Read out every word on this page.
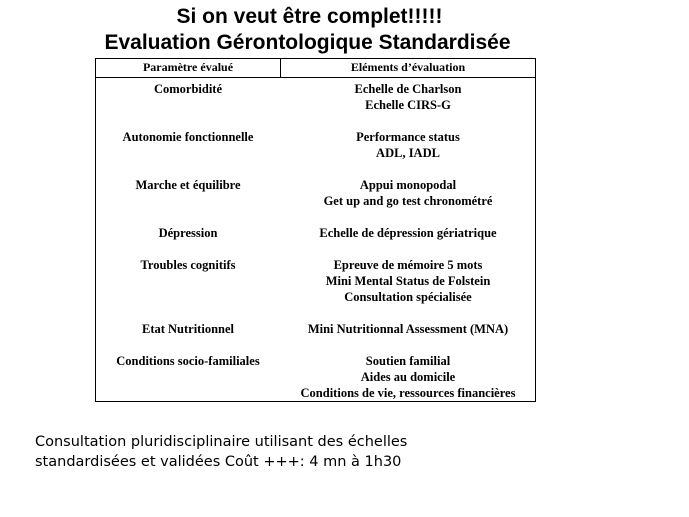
Si on veut être complet!!!!!
Evaluation Gérontologique Standardisée
Paramètre évalué	Eléments d’évaluation
Comorbidité	Echelle de Charlson
Echelle CIRS-G
Autonomie fonctionnelle	Performance status
ADL, IADL
Marche et équilibre	Appui monopodal
Get up and go test chronométré
Dépression	Echelle de dépression gériatrique
Troubles cognitifs	Epreuve de mémoire 5 mots
Mini Mental Status de Folstein
Consultation spécialisée
Etat Nutritionnel	Mini Nutritionnal Assessment (MNA)
Conditions socio-familiales	Soutien familial
Aides au domicile
Conditions de vie, ressources financières
Consultation pluridisciplinaire utilisant des échelles
standardisées et validées Coût +++: 4 mn à 1h30
